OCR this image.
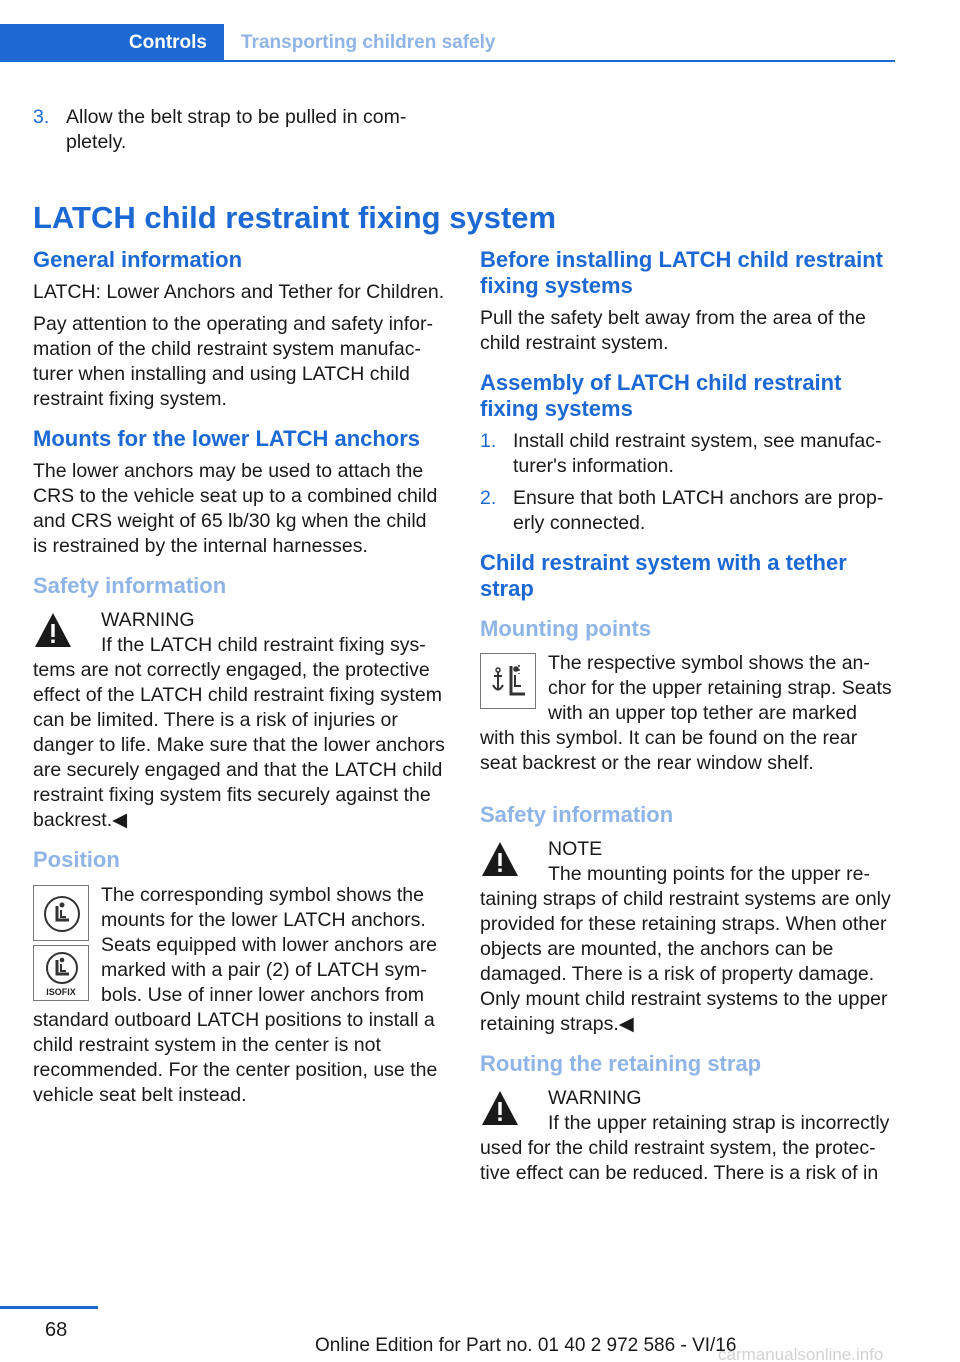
Controls	Transporting children safely
3. Allow the belt strap to be pulled in completely.
LATCH child restraint fixing system
General information

LATCH: Lower Anchors and Tether for Children.

Pay attention to the operating and safety information of the child restraint system manufacturer when installing and using LATCH child restraint fixing system.

Mounts for the lower LATCH anchors

The lower anchors may be used to attach the CRS to the vehicle seat up to a combined child and CRS weight of 65 lb/30 kg when the child is restrained by the internal harnesses.

Safety information
WARNING
If the LATCH child restraint fixing systems are not correctly engaged, the protective effect of the LATCH child restraint fixing system can be limited. There is a risk of injuries or danger to life. Make sure that the lower anchors are securely engaged and that the LATCH child restraint fixing system fits securely against the backrest.◀
Position
ISOFIX
The corresponding symbol shows the mounts for the lower LATCH anchors. Seats equipped with lower anchors are marked with a pair (2) of LATCH symbols. Use of inner lower anchors from standard outboard LATCH positions to install a child restraint system in the center is not recommended. For the center position, use the vehicle seat belt instead.
Before installing LATCH child restraint fixing systems

Pull the safety belt away from the area of the child restraint system.

Assembly of LATCH child restraint fixing systems
1. Install child restraint system, see manufacturer's information.
2. Ensure that both LATCH anchors are properly connected.
Child restraint system with a tether strap
Mounting points
The respective symbol shows the anchor for the upper retaining strap. Seats with an upper top tether are marked with this symbol. It can be found on the rear seat backrest or the rear window shelf.
Safety information
NOTE
The mounting points for the upper retaining straps of child restraint systems are only provided for these retaining straps. When other objects are mounted, the anchors can be damaged. There is a risk of property damage. Only mount child restraint systems to the upper retaining straps.◀
Routing the retaining strap
WARNING
If the upper retaining strap is incorrectly used for the child restraint system, the protective effect can be reduced. There is a risk of in
68
Online Edition for Part no. 01 40 2 972 586 - VI/16
carmanualsonline.info
